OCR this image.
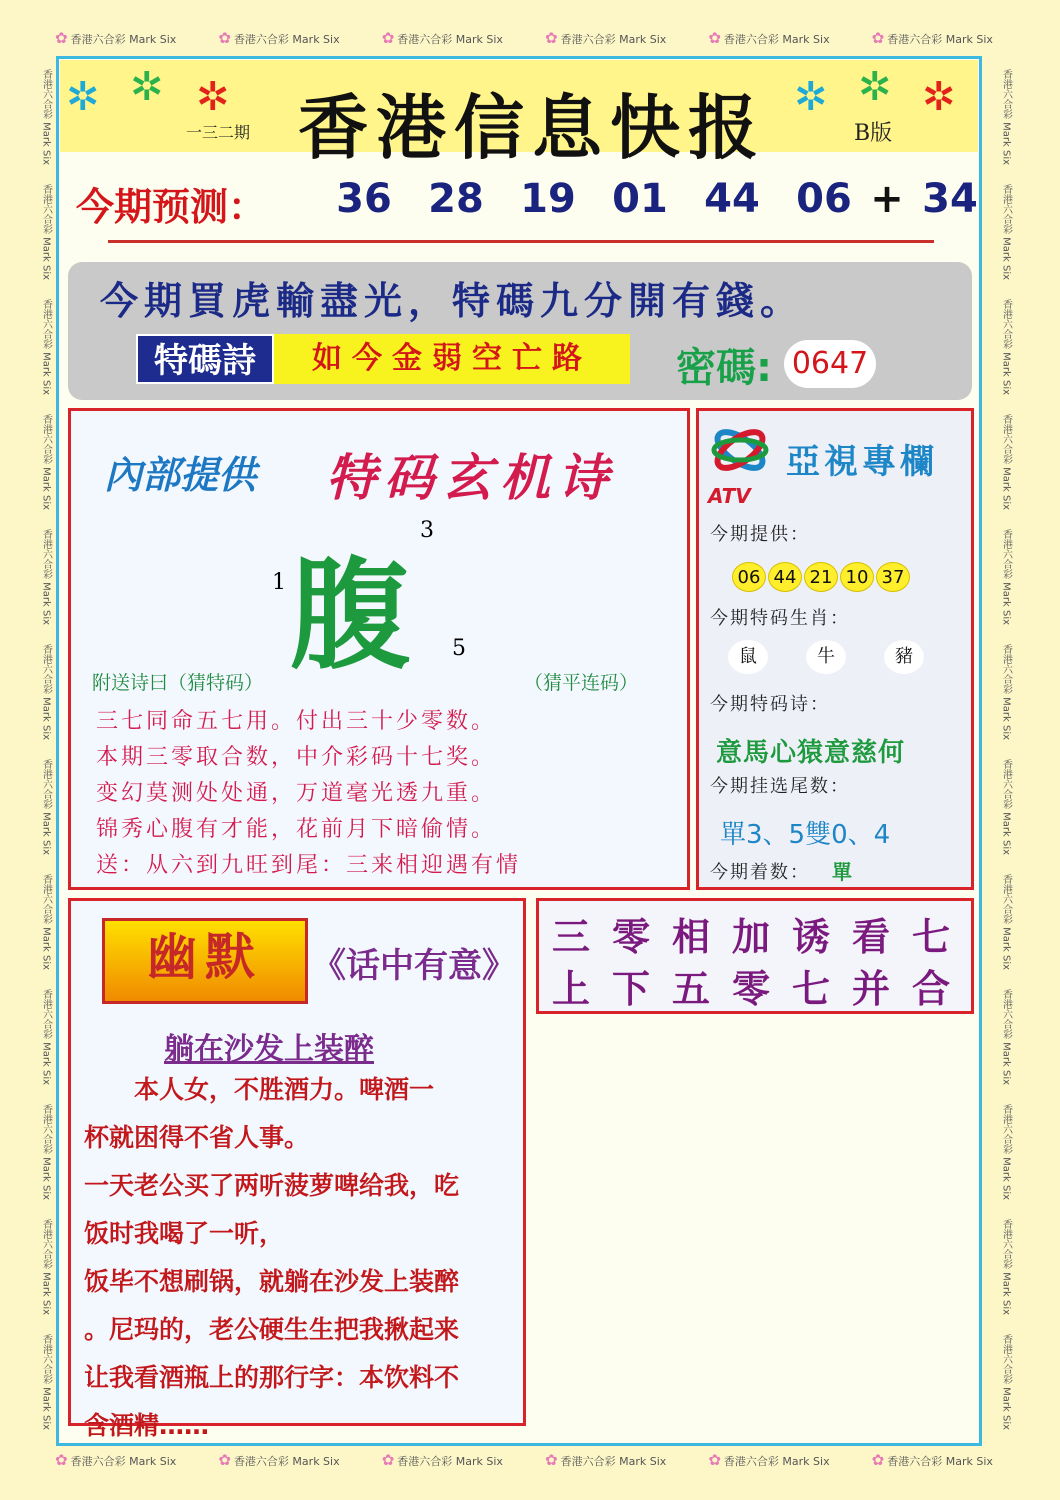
✿ 香港六合彩 Mark Six	✿ 香港六合彩 Mark Six	✿ 香港六合彩 Mark Six	✿ 香港六合彩 Mark Six	✿ 香港六合彩 Mark Six	✿ 香港六合彩 Mark Six
✿ 香港六合彩 Mark Six	✿ 香港六合彩 Mark Six	✿ 香港六合彩 Mark Six	✿ 香港六合彩 Mark Six	✿ 香港六合彩 Mark Six	✿ 香港六合彩 Mark Six
香港六合彩 Mark Six
香港六合彩 Mark Six
香港六合彩 Mark Six
香港六合彩 Mark Six
香港六合彩 Mark Six
香港六合彩 Mark Six
香港六合彩 Mark Six
香港六合彩 Mark Six
香港六合彩 Mark Six
香港六合彩 Mark Six
香港六合彩 Mark Six
香港六合彩 Mark Six
香港六合彩 Mark Six
香港六合彩 Mark Six
香港六合彩 Mark Six
香港六合彩 Mark Six
香港六合彩 Mark Six
香港六合彩 Mark Six
香港六合彩 Mark Six
香港六合彩 Mark Six
香港六合彩 Mark Six
香港六合彩 Mark Six
香港六合彩 Mark Six
香港六合彩 Mark Six
✲ ✲ ✲	✲ ✲ ✲
香港信息快报
一三二期	B版
今期预测：	36 28 19 01 44 06 + 34
今期買虎輸盡光，特碼九分開有錢。
特碼詩	如今金弱空亡路	密碼: 0647
內部提供 特码玄机诗
腹
1
3
5
附送诗曰（猜特码）	（猜平连码）
三七同命五七用。付出三十少零数。
本期三零取合数，中介彩码十七奖。
变幻莫测处处通，万道毫光透九重。
锦秀心腹有才能，花前月下暗偷情。
送：从六到九旺到尾：三来相迎遇有情
ATV
亞視專欄
今期提供：
06 44 21 10 37
今期特码生肖：
鼠	牛	豬
今期特码诗：
意馬心猿意慈何
今期挂选尾数：
單3、5雙0、4
今期着数： 單
幽默	《话中有意》
躺在沙发上装醉
　　本人女，不胜酒力。啤酒一
杯就困得不省人事。
一天老公买了两听菠萝啤给我，吃
饭时我喝了一听，
饭毕不想刷锅，就躺在沙发上装醉
。尼玛的，老公硬生生把我揪起来
让我看酒瓶上的那行字：本饮料不
含酒精……
三零相加诱看七
上下五零七并合
